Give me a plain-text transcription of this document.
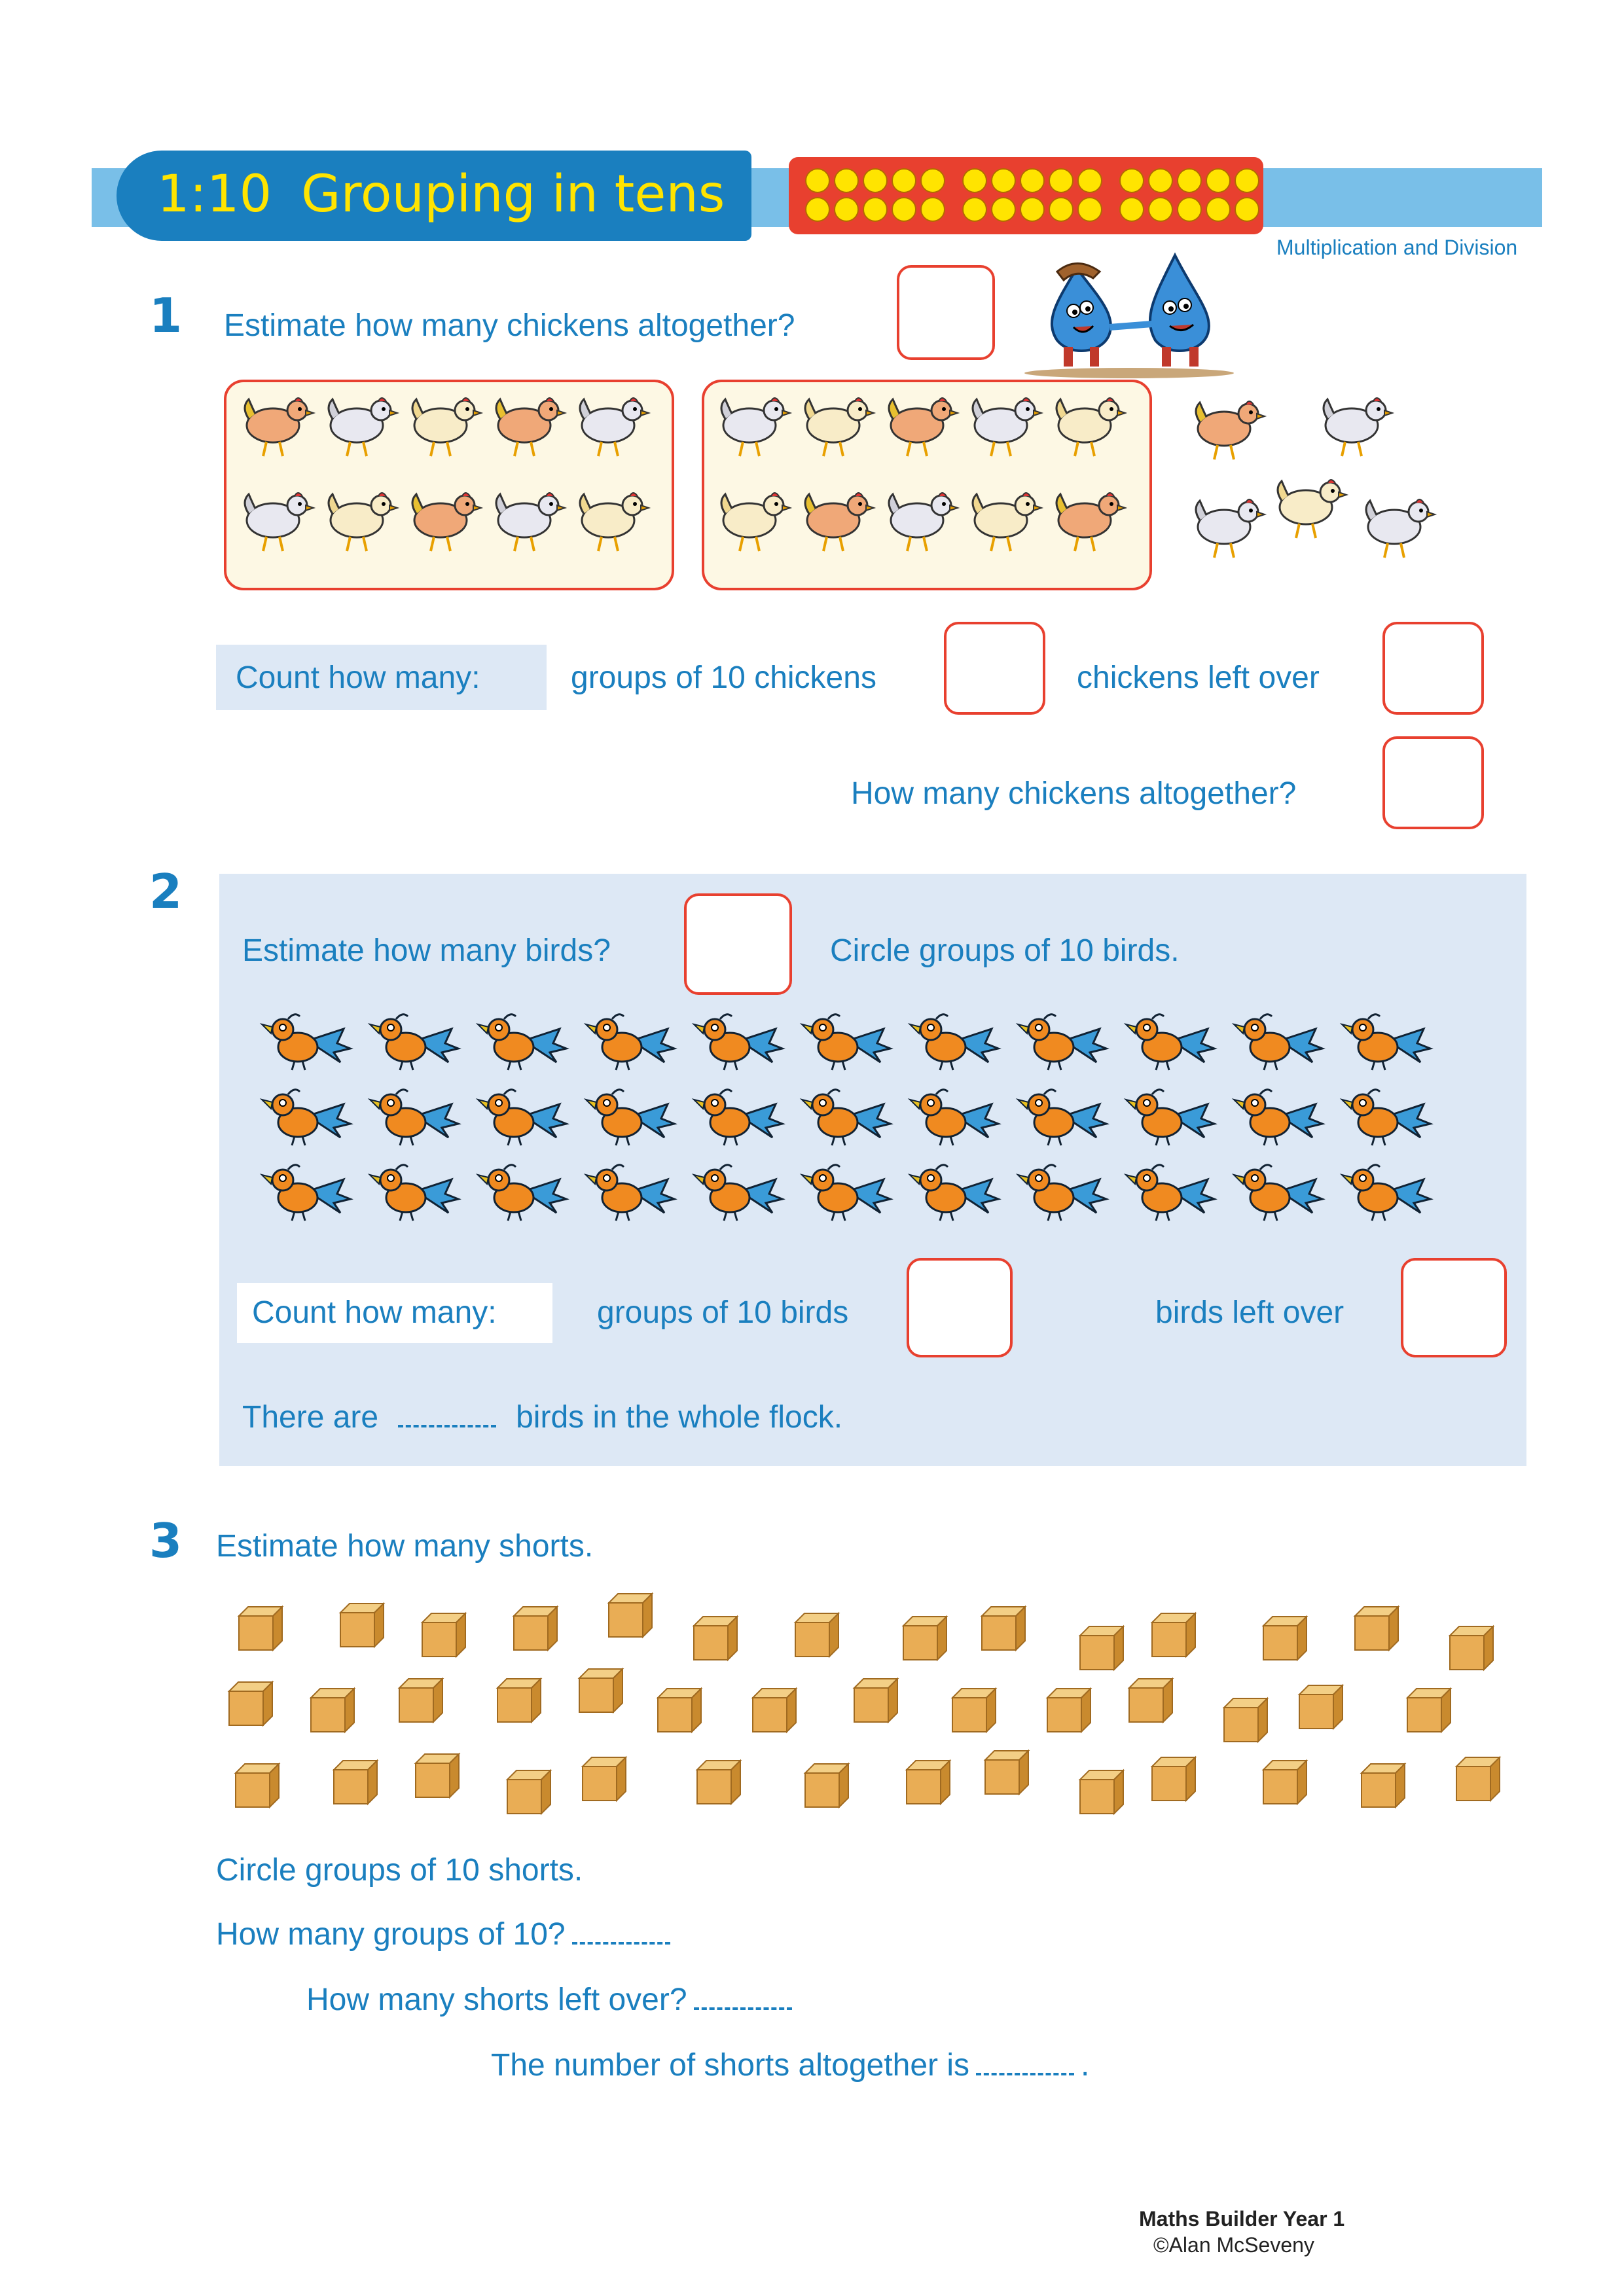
1:10 Grouping in tens
Multiplication and Division
1 Estimate how many chickens altogether?
Count how many:	groups of 10 chickens	chickens left over
How many chickens altogether?
2
Estimate how many birds?	Circle groups of 10 birds.
Count how many:	groups of 10 birds	birds left over
There are	birds in the whole flock.
3 Estimate how many shorts.
Circle groups of 10 shorts.
How many groups of 10?
How many shorts left over?
The number of shorts altogether is	.
Maths Builder Year 1
©Alan McSeveny
